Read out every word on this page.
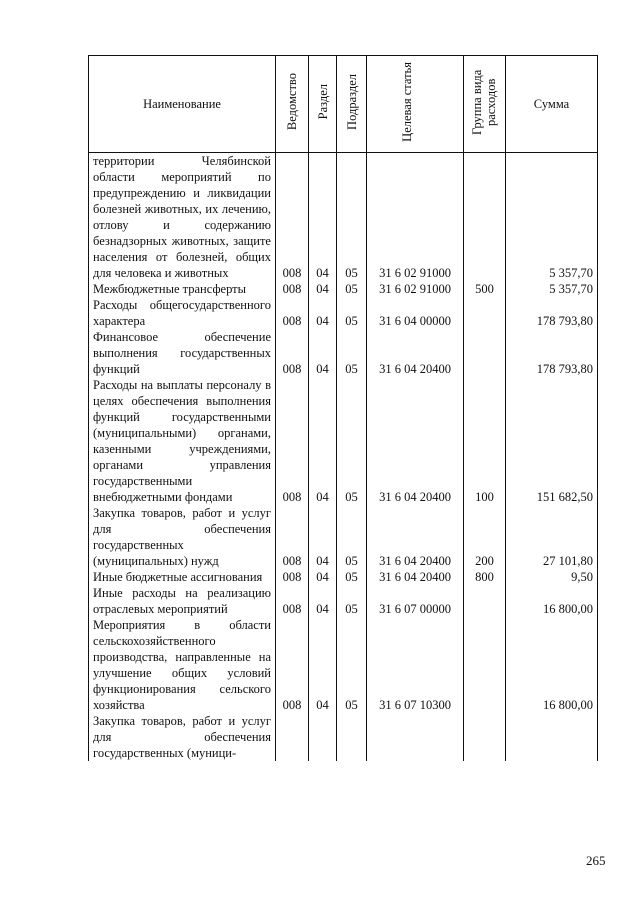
Наименование	Ведомство	Раздел	Подраздел	Целевая статья	Группа вида расходов	Сумма
территории Челябинской области мероприятий по предупреждению и ликвидации болезней животных, их лечению, отлову и содержанию безнадзорных животных, защите населения от болезней, общих для человека и животных	008	04	05	31 6 02 91000		5 357,70
Межбюджетные трансферты	008	04	05	31 6 02 91000	500	5 357,70
Расходы общегосударственного характера	008	04	05	31 6 04 00000		178 793,80
Финансовое обеспечение выполнения государственных функций	008	04	05	31 6 04 20400		178 793,80
Расходы на выплаты персоналу в целях обеспечения выполнения функций государственными (муниципальными) органами, казенными учреждениями, органами управления государственными внебюджетными фондами	008	04	05	31 6 04 20400	100	151 682,50
Закупка товаров, работ и услуг для обеспечения государственных (муниципальных) нужд	008	04	05	31 6 04 20400	200	27 101,80
Иные бюджетные ассигнования	008	04	05	31 6 04 20400	800	9,50
Иные расходы на реализацию отраслевых мероприятий	008	04	05	31 6 07 00000		16 800,00
Мероприятия в области сельскохозяйственного производства, направленные на улучшение общих условий функционирования сельского хозяйства	008	04	05	31 6 07 10300		16 800,00
Закупка товаров, работ и услуг для обеспечения государственных (муници-						
265
